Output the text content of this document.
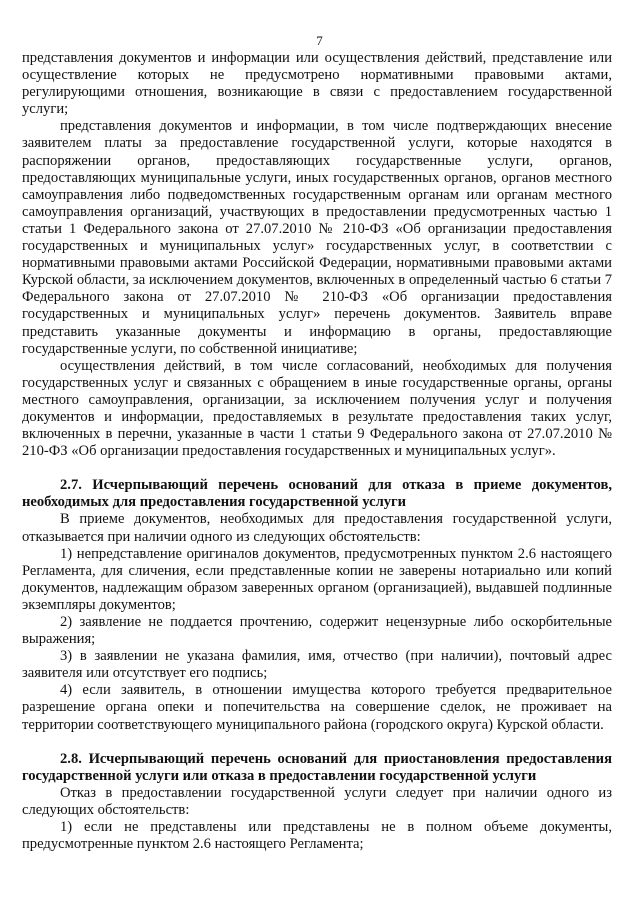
7

представления документов и информации или осуществления действий, представление или осуществление которых не предусмотрено нормативными правовыми актами, регулирующими отношения, возникающие в связи с предоставлением государственной услуги;

представления документов и информации, в том числе подтверждающих внесение заявителем платы за предоставление государственной услуги, которые находятся в распоряжении органов, предоставляющих государственные услуги, органов, предоставляющих муниципальные услуги, иных государственных органов, органов местного самоуправления либо подведомственных государственным органам или органам местного самоуправления организаций, участвующих в предоставлении предусмотренных частью 1 статьи 1 Федерального закона от 27.07.2010 № 210-ФЗ «Об организации предоставления государственных и муниципальных услуг» государственных услуг, в соответствии с нормативными правовыми актами Российской Федерации, нормативными правовыми актами Курской области, за исключением документов, включенных в определенный частью 6 статьи 7 Федерального закона от 27.07.2010 № 210-ФЗ «Об организации предоставления государственных и муниципальных услуг» перечень документов. Заявитель вправе представить указанные документы и информацию в органы, предоставляющие государственные услуги, по собственной инициативе;

осуществления действий, в том числе согласований, необходимых для получения государственных услуг и связанных с обращением в иные государственные органы, органы местного самоуправления, организации, за исключением получения услуг и получения документов и информации, предоставляемых в результате предоставления таких услуг, включенных в перечни, указанные в части 1 статьи 9 Федерального закона от 27.07.2010 № 210-ФЗ «Об организации предоставления государственных и муниципальных услуг».

2.7. Исчерпывающий перечень оснований для отказа в приеме документов, необходимых для предоставления государственной услуги

В приеме документов, необходимых для предоставления государственной услуги, отказывается при наличии одного из следующих обстоятельств:

1) непредставление оригиналов документов, предусмотренных пунктом 2.6 настоящего Регламента, для сличения, если представленные копии не заверены нотариально или копий документов, надлежащим образом заверенных органом (организацией), выдавшей подлинные экземпляры документов;

2) заявление не поддается прочтению, содержит нецензурные либо оскорбительные выражения;

3) в заявлении не указана фамилия, имя, отчество (при наличии), почтовый адрес заявителя или отсутствует его подпись;

4) если заявитель, в отношении имущества которого требуется предварительное разрешение органа опеки и попечительства на совершение сделок, не проживает на территории соответствующего муниципального района (городского округа) Курской области.

2.8. Исчерпывающий перечень оснований для приостановления предоставления государственной услуги или отказа в предоставлении государственной услуги

Отказ в предоставлении государственной услуги следует при наличии одного из следующих обстоятельств:

1) если не представлены или представлены не в полном объеме документы, предусмотренные пунктом 2.6 настоящего Регламента;
